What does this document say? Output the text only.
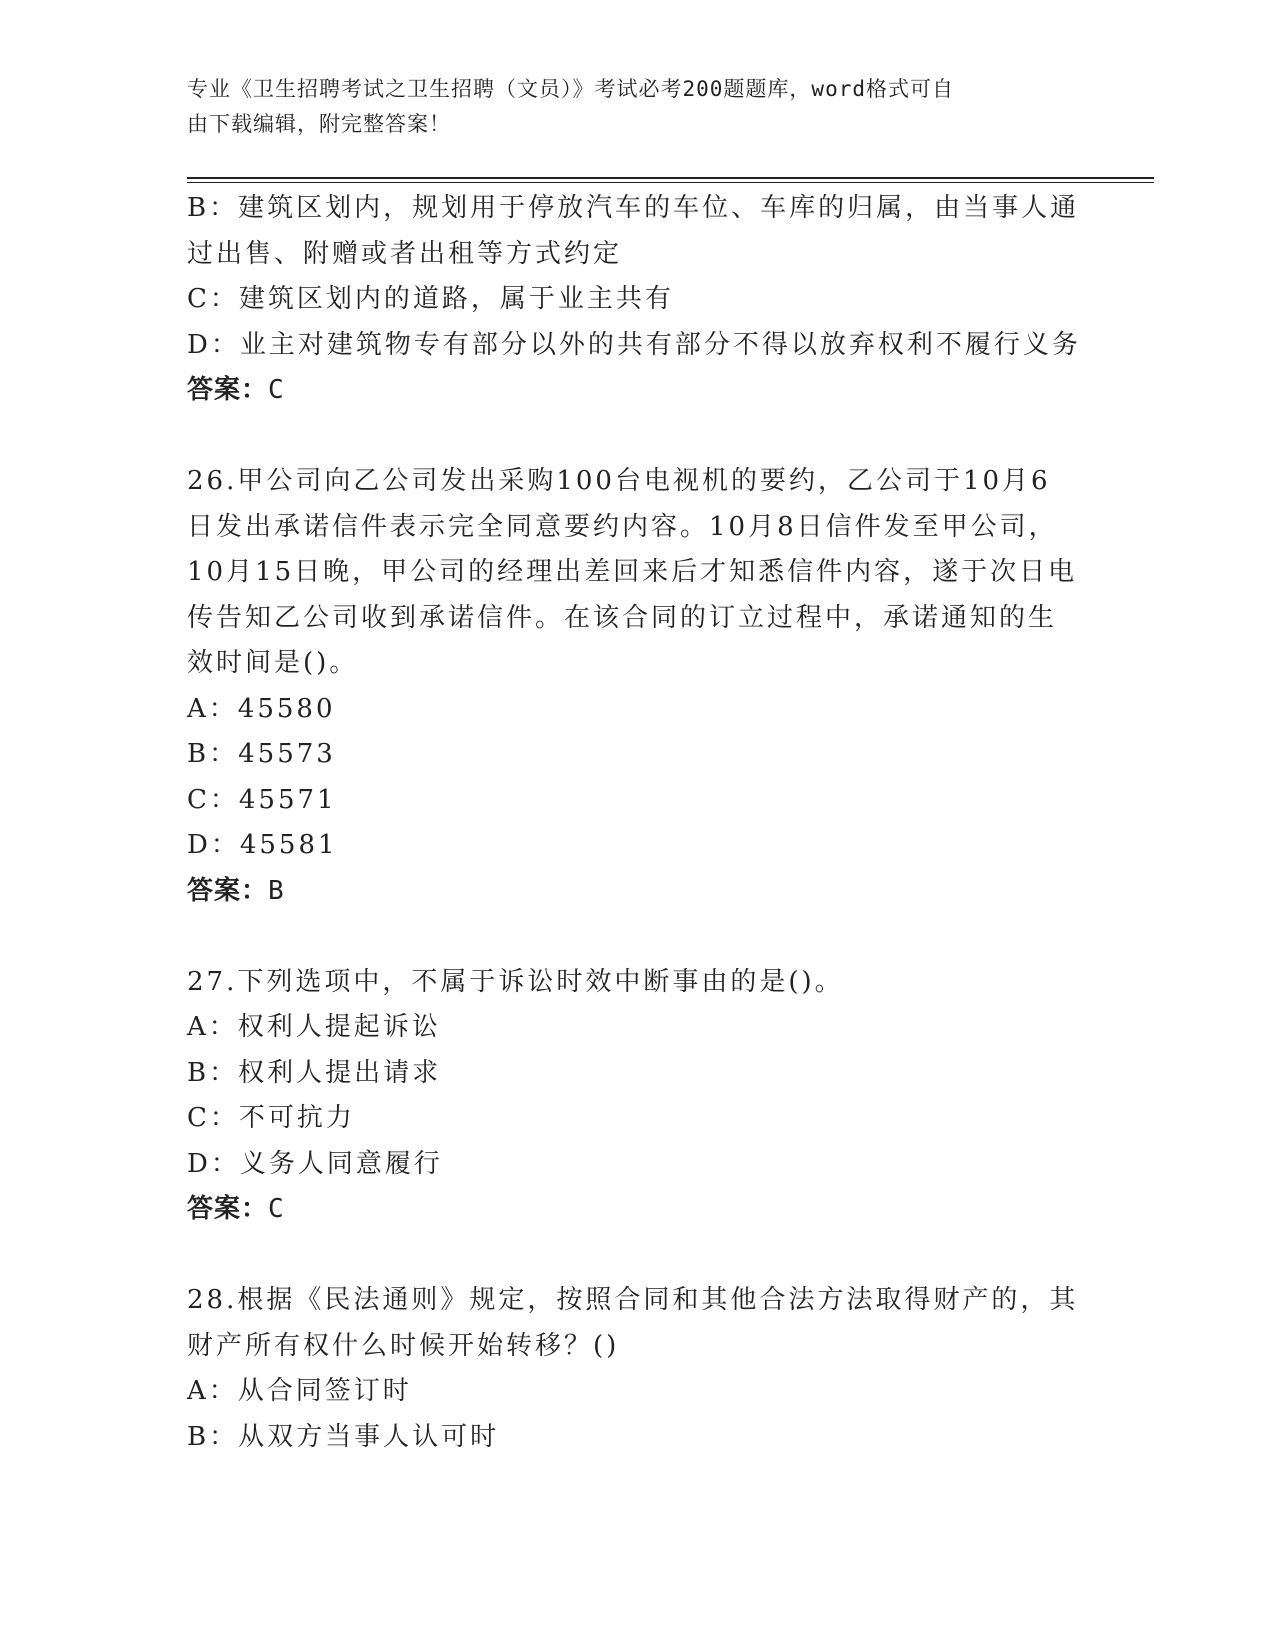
专业《卫生招聘考试之卫生招聘（文员）》考试必考200题题库，word格式可自
由下载编辑，附完整答案！
B：建筑区划内，规划用于停放汽车的车位、车库的归属，由当事人通
过出售、附赠或者出租等方式约定
C：建筑区划内的道路，属于业主共有
D：业主对建筑物专有部分以外的共有部分不得以放弃权利不履行义务
答案：C
26.甲公司向乙公司发出采购100台电视机的要约，乙公司于10月6
日发出承诺信件表示完全同意要约内容。10月8日信件发至甲公司，
10月15日晚，甲公司的经理出差回来后才知悉信件内容，遂于次日电
传告知乙公司收到承诺信件。在该合同的订立过程中，承诺通知的生
效时间是()。
A：45580
B：45573
C：45571
D：45581
答案：B
27.下列选项中，不属于诉讼时效中断事由的是()。
A：权利人提起诉讼
B：权利人提出请求
C：不可抗力
D：义务人同意履行
答案：C
28.根据《民法通则》规定，按照合同和其他合法方法取得财产的，其
财产所有权什么时候开始转移？()
A：从合同签订时
B：从双方当事人认可时
